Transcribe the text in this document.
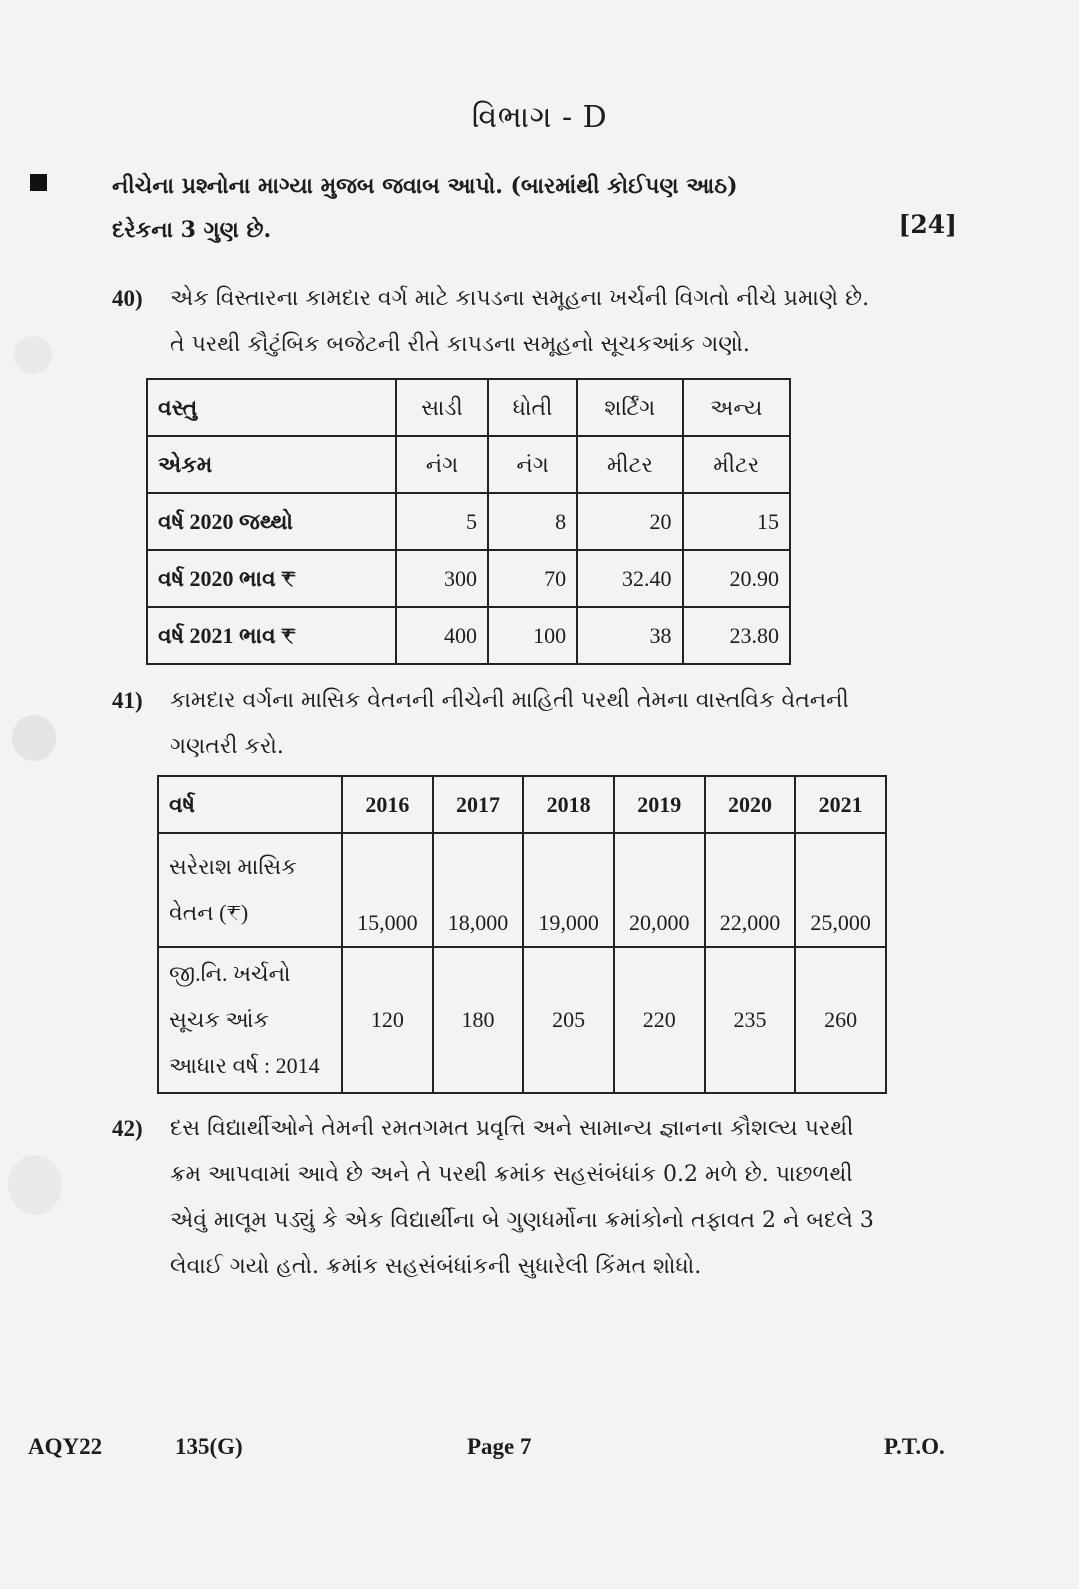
વિભાગ - D
નીચેના પ્રશ્નોના માગ્યા મુજબ જવાબ આપો. (બારમાંથી કોઈપણ આઠ)
દરેકના 3 ગુણ છે.	[24]
40) એક વિસ્તારના કામદાર વર્ગ માટે કાપડના સમૂહના ખર્ચની વિગતો નીચે પ્રમાણે છે. તે પરથી કૌટુંબિક બજેટની રીતે કાપડના સમૂહનો સૂચકઆંક ગણો.
વસ્તુ	સાડી	ધોતી	શર્ટિંગ	અન્ય
એકમ	નંગ	નંગ	મીટર	મીટર
વર્ષ 2020 જથ્થો	5	8	20	15
વર્ષ 2020 ભાવ ₹	300	70	32.40	20.90
વર્ષ 2021 ભાવ ₹	400	100	38	23.80
41) કામદાર વર્ગના માસિક વેતનની નીચેની માહિતી પરથી તેમના વાસ્તવિક વેતનની ગણતરી કરો.
વર્ષ	2016	2017	2018	2019	2020	2021

સરેરાશ માસિક
વેતન (₹)	15,000	18,000	19,000	20,000	22,000	25,000

જી.નિ. ખર્ચનો
સૂચક આંક
આધાર વર્ષ : 2014	120	180	205	220	235	260
42) દસ વિદ્યાર્થીઓને તેમની રમતગમત પ્રવૃત્તિ અને સામાન્ય જ્ઞાનના કૌશલ્ય પરથી ક્રમ આપવામાં આવે છે અને તે પરથી ક્રમાંક સહસંબંધાંક 0.2 મળે છે. પાછળથી એવું માલૂમ પડ્યું કે એક વિદ્યાર્થીના બે ગુણધર્મોના ક્રમાંકોનો તફાવત 2 ને બદલે 3 લેવાઈ ગયો હતો. ક્રમાંક સહસંબંધાંકની સુધારેલી કિંમત શોધો.
AQY22	135(G)	Page 7	P.T.O.
